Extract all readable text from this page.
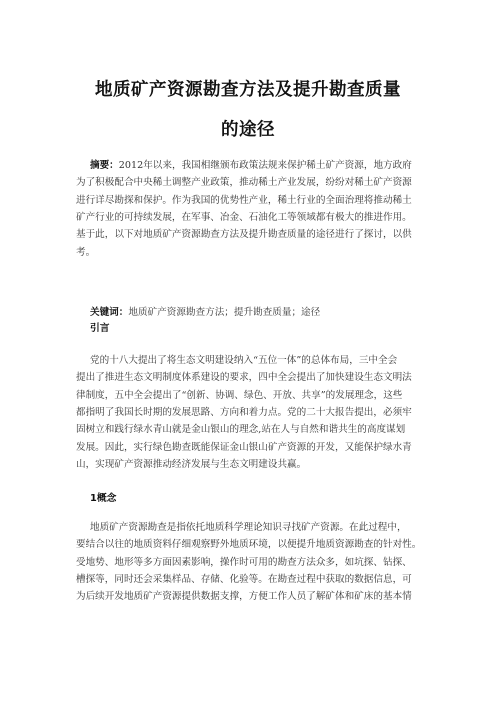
地质矿产资源勘查方法及提升勘查质量
的途径
摘要：2012年以来，我国相继颁布政策法规来保护稀土矿产资源，地方政府
为了积极配合中央稀土调整产业政策，推动稀土产业发展，纷纷对稀土矿产资源
进行详尽勘探和保护。作为我国的优势性产业，稀土行业的全面治理将推动稀土
矿产行业的可持续发展，在军事、冶金、石油化工等领域都有极大的推进作用。
基于此，以下对地质矿产资源勘查方法及提升勘查质量的途径进行了探讨，以供
考。
关键词：地质矿产资源勘查方法；提升勘查质量；途径
引言
党的十八大提出了将生态文明建设纳入“五位一体”的总体布局，三中全会
提出了推进生态文明制度体系建设的要求，四中全会提出了加快建设生态文明法
律制度，五中全会提出了“创新、协调、绿色、开放、共享”的发展理念，这些
都指明了我国长时期的发展思路、方向和着力点。党的二十大报告提出，必须牢
固树立和践行绿水青山就是金山银山的理念,站在人与自然和谐共生的高度谋划
发展。因此，实行绿色勘查既能保证金山银山矿产资源的开发，又能保护绿水青
山，实现矿产资源推动经济发展与生态文明建设共赢。
1概念
地质矿产资源勘查是指依托地质科学理论知识寻找矿产资源。在此过程中，
要结合以往的地质资料仔细观察野外地质环境，以便提升地质资源勘查的针对性。
受地势、地形等多方面因素影响，操作时可用的勘查方法众多，如坑探、钻探、
槽探等，同时还会采集样品、存储、化验等。在勘查过程中获取的数据信息，可
为后续开发地质矿产资源提供数据支撑，方便工作人员了解矿体和矿床的基本情
